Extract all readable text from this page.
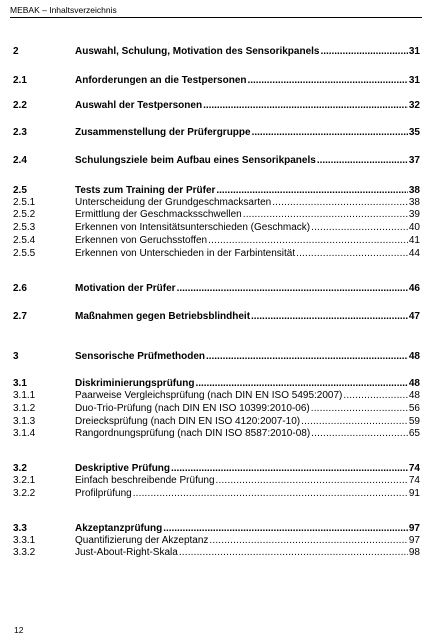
MEBAK – Inhaltsverzeichnis
2	Auswahl, Schulung, Motivation des Sensorikpanels . . .	31
2.1	Anforderungen an die Testpersonen . . .	31
2.2	Auswahl der Testpersonen . . .	32
2.3	Zusammenstellung der Prüfergruppe . . .	35
2.4	Schulungsziele beim Aufbau eines Sensorikpanels . . .	37
2.5	Tests zum Training der Prüfer . . .	38
2.5.1	Unterscheidung der Grundgeschmacksarten . . .	38
2.5.2	Ermittlung der Geschmacksschwellen . . .	39
2.5.3	Erkennen von Intensitätsunterschieden (Geschmack) . . .	40
2.5.4	Erkennen von Geruchsstoffen . . .	41
2.5.5	Erkennen von Unterschieden in der Farbintensität . . .	44
2.6	Motivation der Prüfer . . .	46
2.7	Maßnahmen gegen Betriebsblindheit . . .	47
3	Sensorische Prüfmethoden . . .	48
3.1	Diskriminierungsprüfung . . .	48
3.1.1	Paarweise Vergleichsprüfung (nach DIN EN ISO 5495:2007) . . .	48
3.1.2	Duo-Trio-Prüfung (nach DIN EN ISO 10399:2010-06) . . .	56
3.1.3	Dreiecksprüfung (nach DIN EN ISO 4120:2007-10) . . .	59
3.1.4	Rangordnungsprüfung (nach DIN ISO 8587:2010-08) . . .	65
3.2	Deskriptive Prüfung . . .	74
3.2.1	Einfach beschreibende Prüfung . . .	74
3.2.2	Profilprüfung . . .	91
3.3	Akzeptanzprüfung . . .	97
3.3.1	Quantifizierung der Akzeptanz . . .	97
3.3.2	Just-About-Right-Skala . . .	98
12
